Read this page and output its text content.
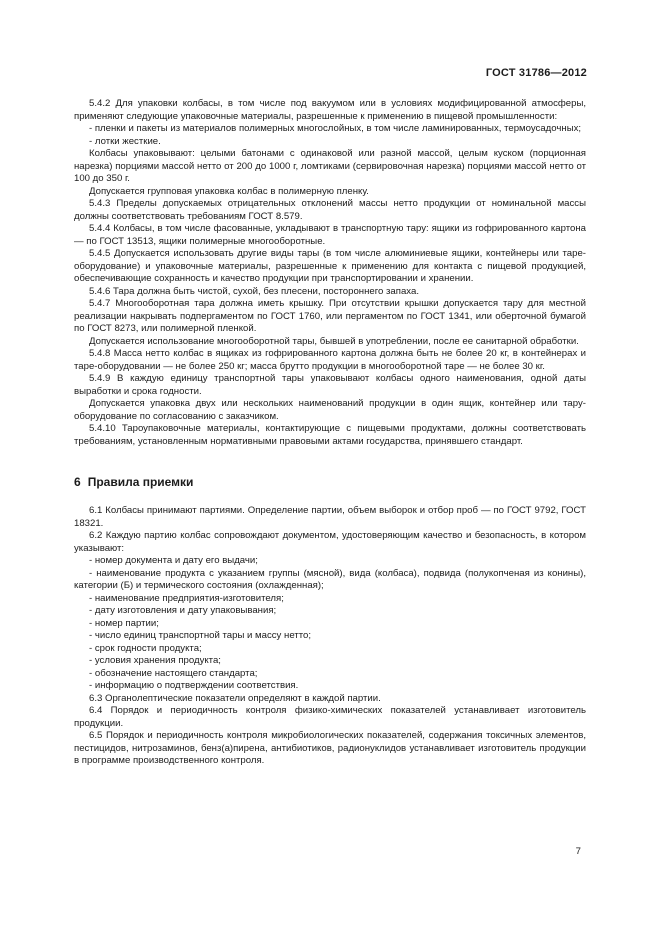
ГОСТ 31786—2012

5.4.2 Для упаковки колбасы, в том числе под вакуумом или в условиях модифицированной атмосферы, применяют следующие упаковочные материалы, разрешенные к применению в пищевой промышленности:

- пленки и пакеты из материалов полимерных многослойных, в том числе ламинированных, термоусадочных;

- лотки жесткие.

Колбасы упаковывают: целыми батонами с одинаковой или разной массой, целым куском (порционная нарезка) порциями массой нетто от 200 до 1000 г, ломтиками (сервировочная нарезка) порциями массой нетто от 100 до 350 г.

Допускается групповая упаковка колбас в полимерную пленку.

5.4.3 Пределы допускаемых отрицательных отклонений массы нетто продукции от номинальной массы должны соответствовать требованиям ГОСТ 8.579.

5.4.4 Колбасы, в том числе фасованные, укладывают в транспортную тару: ящики из гофрированного картона — по ГОСТ 13513, ящики полимерные многооборотные.

5.4.5 Допускается использовать другие виды тары (в том числе алюминиевые ящики, контейнеры или таре-оборудование) и упаковочные материалы, разрешенные к применению для контакта с пищевой продукцией, обеспечивающие сохранность и качество продукции при транспортировании и хранении.

5.4.6 Тара должна быть чистой, сухой, без плесени, постороннего запаха.

5.4.7 Многооборотная тара должна иметь крышку. При отсутствии крышки допускается тару для местной реализации накрывать подпергаментом по ГОСТ 1760, или пергаментом по ГОСТ 1341, или оберточной бумагой по ГОСТ 8273, или полимерной пленкой.

Допускается использование многооборотной тары, бывшей в употреблении, после ее санитарной обработки.

5.4.8 Масса нетто колбас в ящиках из гофрированного картона должна быть не более 20 кг, в контейнерах и таре-оборудовании — не более 250 кг; масса брутто продукции в многооборотной таре — не более 30 кг.

5.4.9 В каждую единицу транспортной тары упаковывают колбасы одного наименования, одной даты выработки и срока годности.

Допускается упаковка двух или нескольких наименований продукции в один ящик, контейнер или тару-оборудование по согласованию с заказчиком.

5.4.10 Тароупаковочные материалы, контактирующие с пищевыми продуктами, должны соответствовать требованиям, установленным нормативными правовыми актами государства, принявшего стандарт.

6 Правила приемки

6.1 Колбасы принимают партиями. Определение партии, объем выборок и отбор проб — по ГОСТ 9792, ГОСТ 18321.

6.2 Каждую партию колбас сопровождают документом, удостоверяющим качество и безопасность, в котором указывают:

- номер документа и дату его выдачи;

- наименование продукта с указанием группы (мясной), вида (колбаса), подвида (полукопченая из конины), категории (Б) и термического состояния (охлажденная);

- наименование предприятия-изготовителя;

- дату изготовления и дату упаковывания;

- номер партии;

- число единиц транспортной тары и массу нетто;

- срок годности продукта;

- условия хранения продукта;

- обозначение настоящего стандарта;

- информацию о подтверждении соответствия.

6.3 Органолептические показатели определяют в каждой партии.

6.4 Порядок и периодичность контроля физико-химических показателей устанавливает изготовитель продукции.

6.5 Порядок и периодичность контроля микробиологических показателей, содержания токсичных элементов, пестицидов, нитрозаминов, бенз(а)пирена, антибиотиков, радионуклидов устанавливает изготовитель продукции в программе производственного контроля.

7
